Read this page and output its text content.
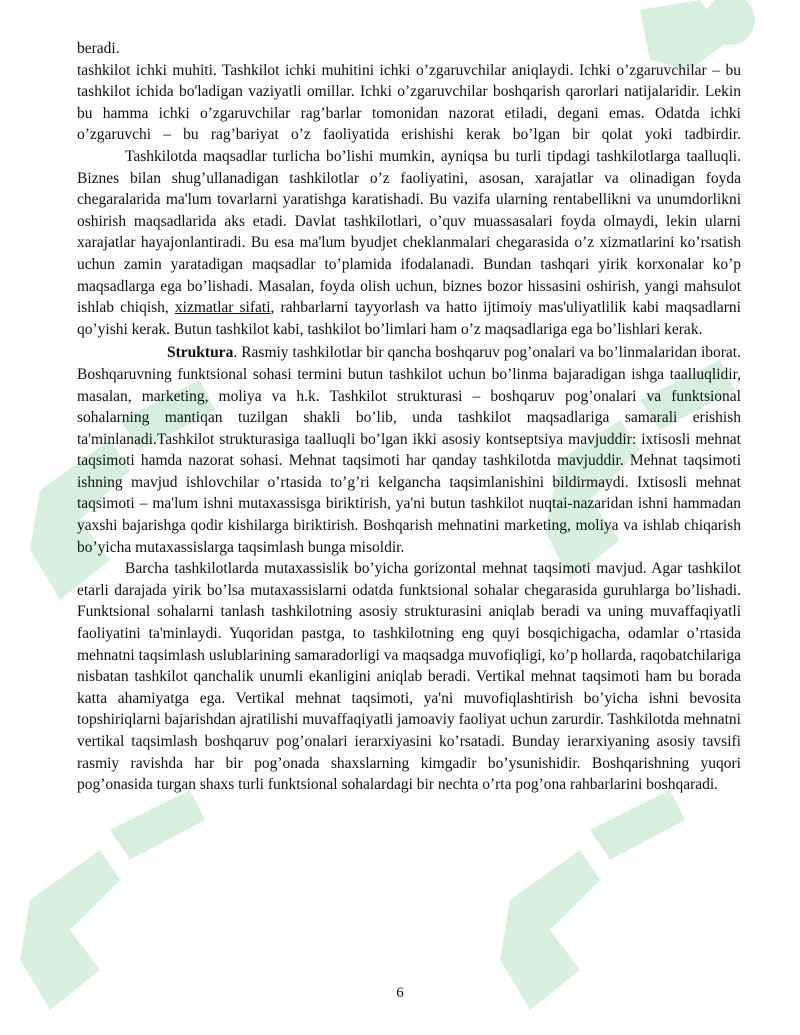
beradi.

tashkilot ichki muhiti. Tashkilot ichki muhitini ichki o’zgaruvchilar aniqlaydi. Ichki o’zgaruvchilar – bu tashkilot ichida bo'ladigan vaziyatli omillar. Ichki o’zgaruvchilar boshqarish qarorlari natijalaridir. Lekin bu hamma ichki o’zgaruvchilar rag’barlar tomonidan nazorat etiladi, degani emas. Odatda ichki o’zgaruvchi – bu rag’bariyat o’z faoliyatida erishishi kerak bo’lgan bir qolat yoki tadbirdir.

Tashkilotda maqsadlar turlicha bo’lishi mumkin, ayniqsa bu turli tipdagi tashkilotlarga taalluqli. Biznes bilan shug’ullanadigan tashkilotlar o’z faoliyatini, asosan, xarajatlar va olinadigan foyda chegaralarida ma'lum tovarlarni yaratishga karatishadi. Bu vazifa ularning rentabellikni va unumdorlikni oshirish maqsadlarida aks etadi. Davlat tashkilotlari, o’quv muassasalari foyda olmaydi, lekin ularni xarajatlar hayajonlantiradi. Bu esa ma'lum byudjet cheklanmalari chegarasida o’z xizmatlarini ko’rsatish uchun zamin yaratadigan maqsadlar to’plamida ifodalanadi. Bundan tashqari yirik korxonalar ko’p maqsadlarga ega bo’lishadi. Masalan, foyda olish uchun, biznes bozor hissasini oshirish, yangi mahsulot ishlab chiqish, xizmatlar sifati, rahbarlarni tayyorlash va hatto ijtimoiy mas'uliyatlilik kabi maqsadlarni qo’yishi kerak. Butun tashkilot kabi, tashkilot bo’limlari ham o’z maqsadlariga ega bo’lishlari kerak.

Struktura. Rasmiy tashkilotlar bir qancha boshqaruv pog’onalari va bo’linmalaridan iborat. Boshqaruvning funktsional sohasi termini butun tashkilot uchun bo’linma bajaradigan ishga taalluqlidir, masalan, marketing, moliya va h.k. Tashkilot strukturasi – boshqaruv pog’onalari va funktsional sohalarning mantiqan tuzilgan shakli bo’lib, unda tashkilot maqsadlariga samarali erishish ta'minlanadi.Tashkilot strukturasiga taalluqli bo’lgan ikki asosiy kontseptsiya mavjuddir: ixtisosli mehnat taqsimoti hamda nazorat sohasi. Mehnat taqsimoti har qanday tashkilotda mavjuddir. Mehnat taqsimoti ishning mavjud ishlovchilar o’rtasida to’g’ri kelgancha taqsimlanishini bildirmaydi. Ixtisosli mehnat taqsimoti – ma'lum ishni mutaxassisga biriktirish, ya'ni butun tashkilot nuqtai-nazaridan ishni hammadan yaxshi bajarishga qodir kishilarga biriktirish. Boshqarish mehnatini marketing, moliya va ishlab chiqarish bo’yicha mutaxassislarga taqsimlash bunga misoldir.

Barcha tashkilotlarda mutaxassislik bo’yicha gorizontal mehnat taqsimoti mavjud. Agar tashkilot etarli darajada yirik bo’lsa mutaxassislarni odatda funktsional sohalar chegarasida guruhlarga bo’lishadi. Funktsional sohalarni tanlash tashkilotning asosiy strukturasini aniqlab beradi va uning muvaffaqiyatli faoliyatini ta'minlaydi. Yuqoridan pastga, to tashkilotning eng quyi bosqichigacha, odamlar o’rtasida mehnatni taqsimlash uslublarining samaradorligi va maqsadga muvofiqligi, ko’p hollarda, raqobatchilariga nisbatan tashkilot qanchalik unumli ekanligini aniqlab beradi. Vertikal mehnat taqsimoti ham bu borada katta ahamiyatga ega. Vertikal mehnat taqsimoti, ya'ni muvofiqlashtirish bo’yicha ishni bevosita topshiriqlarni bajarishdan ajratilishi muvaffaqiyatli jamoaviy faoliyat uchun zarurdir. Tashkilotda mehnatni vertikal taqsimlash boshqaruv pog’onalari ierarxiyasini ko’rsatadi. Bunday ierarxiyaning asosiy tavsifi rasmiy ravishda har bir pog’onada shaxslarning kimgadir bo’ysunishidir. Boshqarishning yuqori pog’onasida turgan shaxs turli funktsional sohalardagi bir nechta o’rta pog’ona rahbarlarini boshqaradi.

6
